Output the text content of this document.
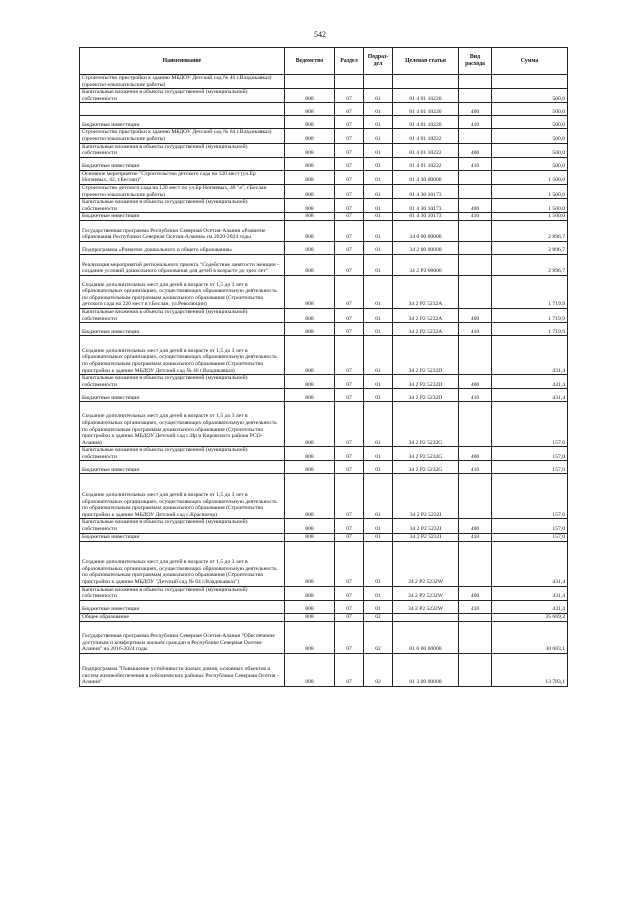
542
Наименование	Ведомство	Раздел	Подраз-дел	Целевая статья	Вид расхода	Сумма
Строительство пристройки к зданию МБДОУ Детский сад № 46 г.Владикавказ) (проектно-изыскательские работы)						
Капитальные вложения в объекты государственной (муниципальной) собственности	808	07	01	01 4 01 10220		500,0
	808	07	01	01 4 01 10220	400	500,0
Бюджетные инвестиции	808	07	01	01 4 01 10220	410	500,0
Строительство пристройки к зданию МБДОУ Детский сад № 64 г.Владикавказ) (проектно-изыскательские работы)	808	07	01	01 4 01 10222		500,0
Капитальные вложения в объекты государственной (муниципальной) собственности	808	07	01	01 4 01 10222	400	500,0
Бюджетные инвестиции	808	07	01	01 4 01 10222	410	500,0
Основное мероприятие "Строительство детского сада на 120 мест (ул.Ер Ногмевых, 42, г.Беслан)"	808	07	01	01 4 30 00000		1 500,0
Строительство детского сада на 120 мест по ул.Бр Ногмевых, 48 "а", г.Беслан (проектно-изыскательские работы)	808	07	01	01 4 30 10173		1 500,0
Капитальные вложения в объекты государственной (муниципальной) собственности	808	07	01	01 4 30 10173	400	1 500,0
Бюджетные инвестиции	808	07	01	01 4 30 10173	410	1 500,0
Государственная программа Республики Северная Осетия-Алания «Развитие образования Республики Северная Осетия-Алания» на 2020-2024 годы	808	07	01	34 0 00 00000		2 896,7
Подпрограмма «Развитие дошкольного и общего образования»	808	07	01	34 2 00 00000		2 896,7
Реализация мероприятий регионального проекта "Содействие занятости женщин - создание условий дошкольного образования для детей в возрасте до трех лет"	808	07	01	34 2 P2 00000		2 896,7
Создание дополнительных мест для детей в возрасте от 1,5 до 3 лет в образовательных организациях, осуществляющих образовательную деятельность по образовательным программам дошкольного образования (Строительство детского сада на 220 мест в г.Беслан, ул.Революции)	808	07	01	34 2 P2 5232A		1 719,9
Капитальные вложения в объекты государственной (муниципальной) собственности	808	07	01	34 2 P2 5232A	400	1 719,9
Бюджетные инвестиции	808	07	01	34 2 P2 5232A	410	1 719,9
Создание дополнительных мест для детей в возрасте от 1,5 до 3 лет в образовательных организациях, осуществляющих образовательную деятельность по образовательным программам дошкольного образования (Строительство пристройки к зданию МБДОУ Детский сад № 46 г.Владикавказ)	808	07	01	34 2 P2 5232D		431,4
Капитальные вложения в объекты государственной (муниципальной) собственности	808	07	01	34 2 P2 5232D	400	431,4
Бюджетные инвестиции	808	07	01	34 2 P2 5232D	410	431,4
Создание дополнительных мест для детей в возрасте от 1,5 до 3 лет в образовательных организациях, осуществляющих образовательную деятельность по образовательным программам дошкольного образования (Строительство пристройки к зданию МБДОУ Детский сад с.Ир и Кировского района РСО-Алания)	808	07	01	34 2 P2 5232G		157,0
Капитальные вложения в объекты государственной (муниципальной) собственности	808	07	01	34 2 P2 5232G	400	157,0
Бюджетные инвестиции	808	07	01	34 2 P2 5232G	410	157,0
Создание дополнительных мест для детей в возрасте от 1,5 до 3 лет в образовательных организациях, осуществляющих образовательную деятельность по образовательным программам дошкольного образования (Строительство пристройки к зданию МБДОУ Детский сад с.Красногор)	808	07	01	34 2 P2 5232I		157,0
Капитальные вложения в объекты государственной (муниципальной) собственности	808	07	01	34 2 P2 5232I	400	157,0
Бюджетные инвестиции	808	07	01	34 2 P2 5232I	410	157,0
Создание дополнительных мест для детей в возрасте от 1,5 до 3 лет в образовательных организациях, осуществляющих образовательную деятельность по образовательным программам дошкольного образования (Строительство пристройки к зданию МБДОУ "Детский сад № 64 г.Владикавказ")	808	07	01	34 2 P2 5232W		431,4
Капитальные вложения в объекты государственной (муниципальной) собственности	808	07	01	34 2 P2 5232W	400	431,4
Бюджетные инвестиции	808	07	01	34 2 P2 5232W	410	431,4
Общее образование	808	07	02			35 669,3
Государственная программа Республики Северная Осетия-Алания "Обеспечение доступным и комфортным жильем граждан в Республике Северная Осетия-Алания" на 2016-2024 годы	808	07	02	01 0 00 00000		30 683,1
Подпрограмма "Повышение устойчивости жилых домов, основных объектов и систем жизнеобеспечения в сейсмических районах Республики Северная Осетия - Алания"	808	07	02	01 3 00 00000		13 783,1
